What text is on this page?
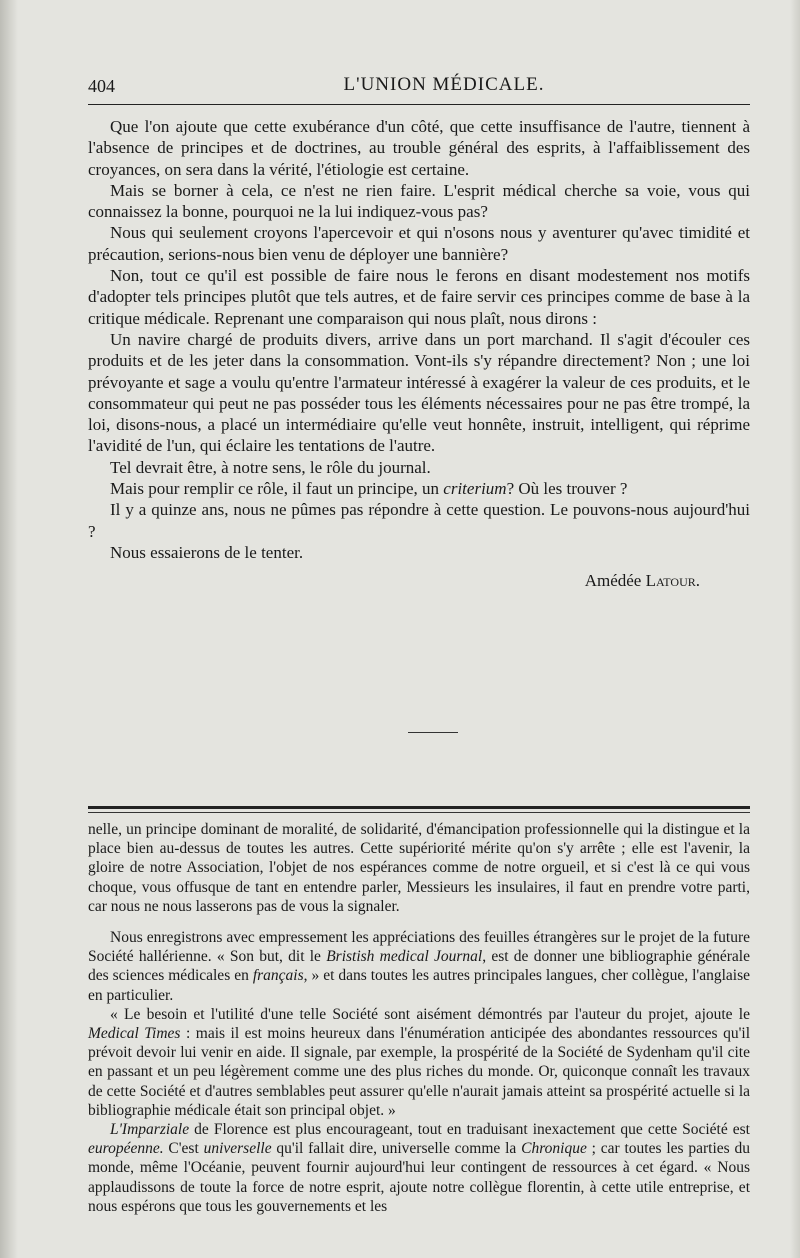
404	L'UNION MÉDICALE.

Que l'on ajoute que cette exubérance d'un côté, que cette insuffisance de l'autre, tiennent à l'absence de principes et de doctrines, au trouble général des esprits, à l'affaiblissement des croyances, on sera dans la vérité, l'étiologie est certaine.

Mais se borner à cela, ce n'est ne rien faire. L'esprit médical cherche sa voie, vous qui connaissez la bonne, pourquoi ne la lui indiquez-vous pas?

Nous qui seulement croyons l'apercevoir et qui n'osons nous y aventurer qu'avec timidité et précaution, serions-nous bien venu de déployer une bannière?

Non, tout ce qu'il est possible de faire nous le ferons en disant modestement nos motifs d'adopter tels principes plutôt que tels autres, et de faire servir ces principes comme de base à la critique médicale. Reprenant une comparaison qui nous plaît, nous dirons :

Un navire chargé de produits divers, arrive dans un port marchand. Il s'agit d'écouler ces produits et de les jeter dans la consommation. Vont-ils s'y répandre directement? Non ; une loi prévoyante et sage a voulu qu'entre l'armateur intéressé à exagérer la valeur de ces produits, et le consommateur qui peut ne pas posséder tous les éléments nécessaires pour ne pas être trompé, la loi, disons-nous, a placé un intermédiaire qu'elle veut honnête, instruit, intelligent, qui réprime l'avidité de l'un, qui éclaire les tentations de l'autre.

Tel devrait être, à notre sens, le rôle du journal.

Mais pour remplir ce rôle, il faut un principe, un criterium? Où les trouver ?

Il y a quinze ans, nous ne pûmes pas répondre à cette question. Le pouvons-nous aujourd'hui ?

Nous essaierons de le tenter.

Amédée Latour.

nelle, un principe dominant de moralité, de solidarité, d'émancipation professionnelle qui la distingue et la place bien au-dessus de toutes les autres. Cette supériorité mérite qu'on s'y arrête ; elle est l'avenir, la gloire de notre Association, l'objet de nos espérances comme de notre orgueil, et si c'est là ce qui vous choque, vous offusque de tant en entendre parler, Messieurs les insulaires, il faut en prendre votre parti, car nous ne nous lasserons pas de vous la signaler.

Nous enregistrons avec empressement les appréciations des feuilles étrangères sur le projet de la future Société hallérienne. « Son but, dit le Bristish medical Journal, est de donner une bibliographie générale des sciences médicales en français, » et dans toutes les autres principales langues, cher collègue, l'anglaise en particulier.

« Le besoin et l'utilité d'une telle Société sont aisément démontrés par l'auteur du projet, ajoute le Medical Times : mais il est moins heureux dans l'énumération anticipée des abondantes ressources qu'il prévoit devoir lui venir en aide. Il signale, par exemple, la prospérité de la Société de Sydenham qu'il cite en passant et un peu légèrement comme une des plus riches du monde. Or, quiconque connaît les travaux de cette Société et d'autres semblables peut assurer qu'elle n'aurait jamais atteint sa prospérité actuelle si la bibliographie médicale était son principal objet. »

L'Imparziale de Florence est plus encourageant, tout en traduisant inexactement que cette Société est européenne. C'est universelle qu'il fallait dire, universelle comme la Chronique ; car toutes les parties du monde, même l'Océanie, peuvent fournir aujourd'hui leur contingent de ressources à cet égard. « Nous applaudissons de toute la force de notre esprit, ajoute notre collègue florentin, à cette utile entreprise, et nous espérons que tous les gouvernements et les
